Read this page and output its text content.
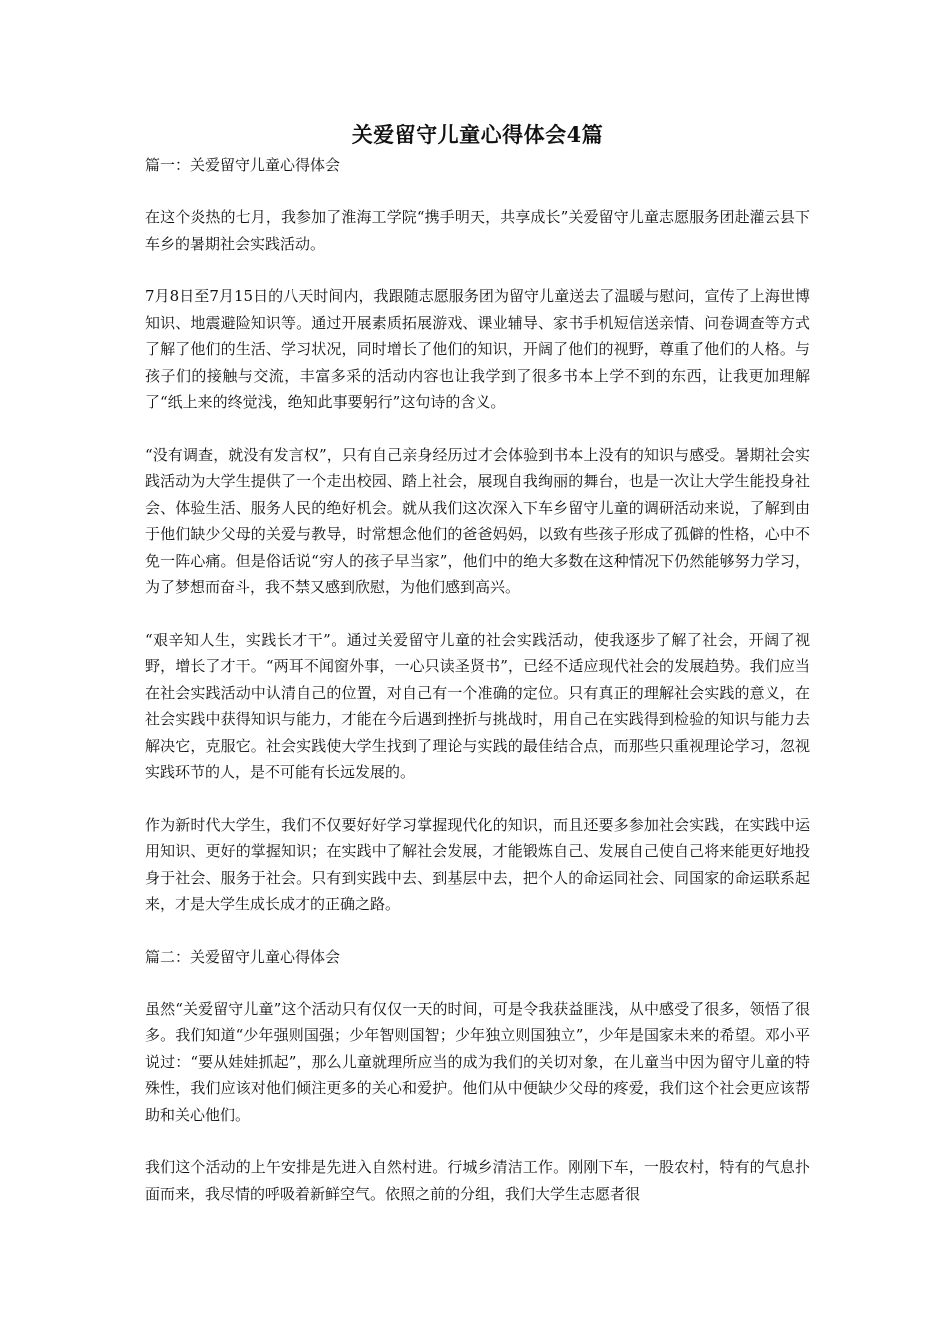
关爱留守儿童心得体会4篇
篇一：关爱留守儿童心得体会

在这个炎热的七月，我参加了淮海工学院“携手明天，共享成长”关爱留守儿童志愿服务团赴灌云县下车乡的暑期社会实践活动。

7月8日至7月15日的八天时间内，我跟随志愿服务团为留守儿童送去了温暖与慰问，宣传了上海世博知识、地震避险知识等。通过开展素质拓展游戏、课业辅导、家书手机短信送亲情、问卷调查等方式了解了他们的生活、学习状况，同时增长了他们的知识，开阔了他们的视野，尊重了他们的人格。与孩子们的接触与交流，丰富多采的活动内容也让我学到了很多书本上学不到的东西，让我更加理解了“纸上来的终觉浅，绝知此事要躬行”这句诗的含义。

“没有调查，就没有发言权”，只有自己亲身经历过才会体验到书本上没有的知识与感受。暑期社会实践活动为大学生提供了一个走出校园、踏上社会，展现自我绚丽的舞台，也是一次让大学生能投身社会、体验生活、服务人民的绝好机会。就从我们这次深入下车乡留守儿童的调研活动来说，了解到由于他们缺少父母的关爱与教导，时常想念他们的爸爸妈妈，以致有些孩子形成了孤僻的性格，心中不免一阵心痛。但是俗话说“穷人的孩子早当家”，他们中的绝大多数在这种情况下仍然能够努力学习，为了梦想而奋斗，我不禁又感到欣慰，为他们感到高兴。

“艰辛知人生，实践长才干”。通过关爱留守儿童的社会实践活动，使我逐步了解了社会，开阔了视野，增长了才干。“两耳不闻窗外事，一心只读圣贤书”，已经不适应现代社会的发展趋势。我们应当在社会实践活动中认清自己的位置，对自己有一个准确的定位。只有真正的理解社会实践的意义，在社会实践中获得知识与能力，才能在今后遇到挫折与挑战时，用自己在实践得到检验的知识与能力去解决它，克服它。社会实践使大学生找到了理论与实践的最佳结合点，而那些只重视理论学习，忽视实践环节的人，是不可能有长远发展的。

作为新时代大学生，我们不仅要好好学习掌握现代化的知识，而且还要多参加社会实践，在实践中运用知识、更好的掌握知识；在实践中了解社会发展，才能锻炼自己、发展自己使自己将来能更好地投身于社会、服务于社会。只有到实践中去、到基层中去，把个人的命运同社会、同国家的命运联系起来，才是大学生成长成才的正确之路。

篇二：关爱留守儿童心得体会

虽然“关爱留守儿童”这个活动只有仅仅一天的时间，可是令我获益匪浅，从中感受了很多，领悟了很多。我们知道“少年强则国强；少年智则国智；少年独立则国独立”，少年是国家未来的希望。邓小平说过：“要从娃娃抓起”，那么儿童就理所应当的成为我们的关切对象，在儿童当中因为留守儿童的特殊性，我们应该对他们倾注更多的关心和爱护。他们从中便缺少父母的疼爱，我们这个社会更应该帮助和关心他们。

我们这个活动的上午安排是先进入自然村进。行城乡清洁工作。刚刚下车，一股农村，特有的气息扑面而来，我尽情的呼吸着新鲜空气。依照之前的分组，我们大学生志愿者很
